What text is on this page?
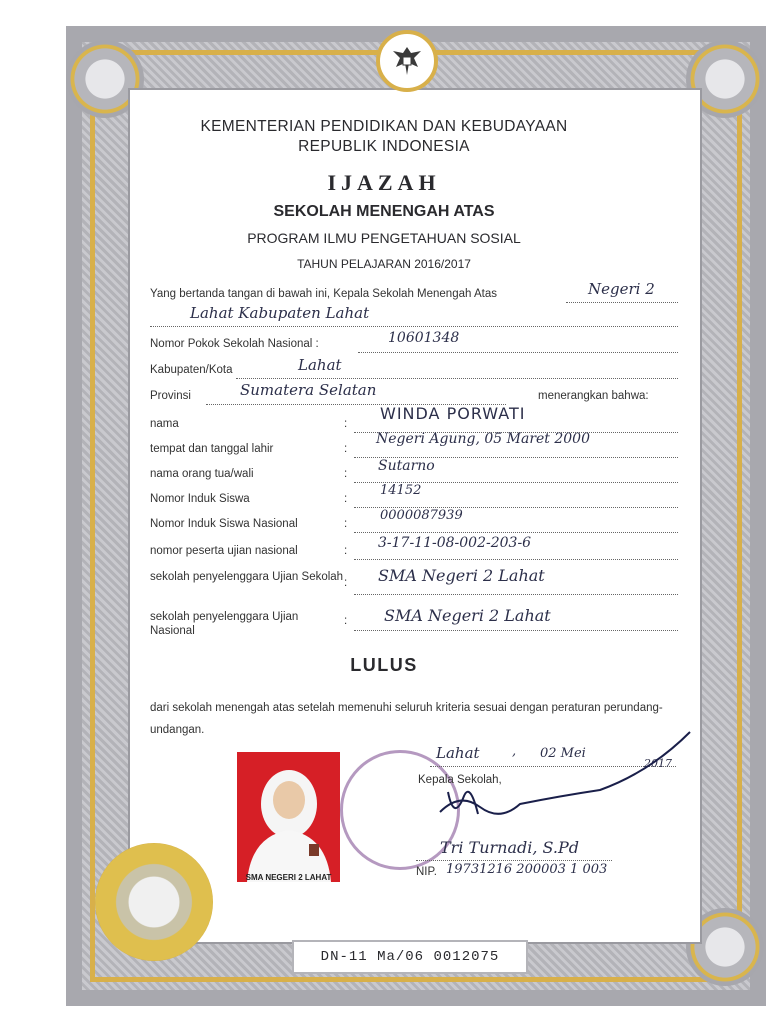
KEMENTERIAN PENDIDIKAN DAN KEBUDAYAAN
REPUBLIK INDONESIA
IJAZAH
SEKOLAH MENENGAH ATAS
PROGRAM ILMU PENGETAHUAN SOSIAL
TAHUN PELAJARAN 2016/2017
Yang bertanda tangan di bawah ini, Kepala Sekolah Menengah Atas	Negeri 2
Lahat Kabupaten Lahat
Nomor Pokok Sekolah Nasional :	10601348
Kabupaten/Kota	Lahat
Provinsi	Sumatera Selatan	menerangkan bahwa:
nama	:
WINDA PORWATI
tempat dan tanggal lahir	:
Negeri Agung, 05 Maret 2000
nama orang tua/wali	: Sutarno
Nomor Induk Siswa	:
14152
Nomor Induk Siswa Nasional	:
0000087939
nomor peserta ujian nasional	: 3-17-11-08-002-203-6
sekolah penyelenggara Ujian Sekolah : SMA Negeri 2 Lahat
sekolah penyelenggara Ujian Nasional
: SMA Negeri 2 Lahat
LULUS
dari sekolah menengah atas setelah memenuhi seluruh kriteria sesuai dengan peraturan perundang-undangan.
SMA NEGERI 2 LAHAT
Lahat , 02 Mei
2017
Kepala Sekolah,
Tri Turnadi, S.Pd
NIP. 19731216 200003 1 003
DN-11 Ma/06 0012075
